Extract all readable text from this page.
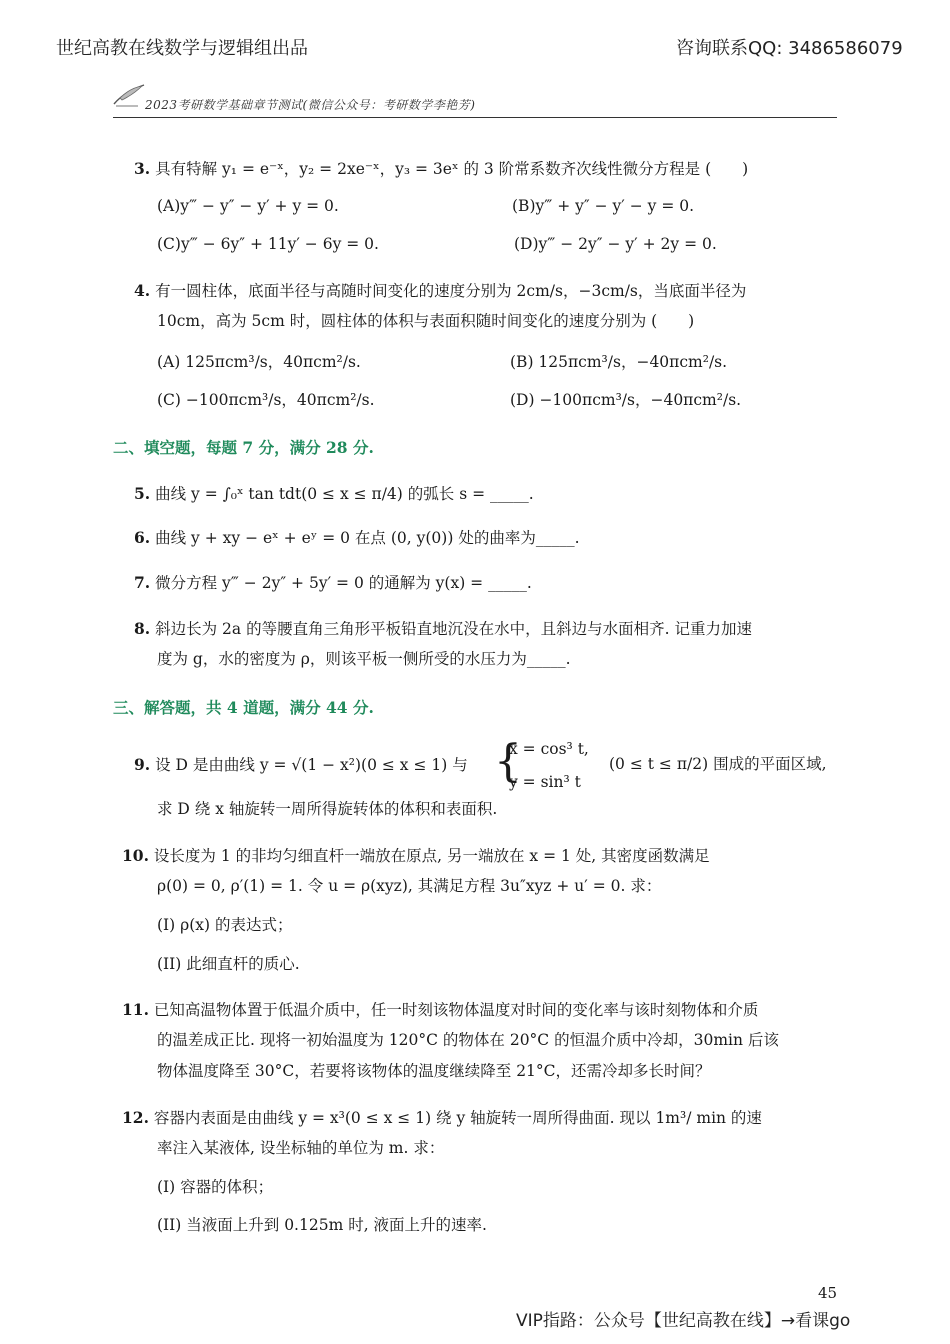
世纪高教在线数学与逻辑组出品	咨询联系QQ: 3486586079
2023考研数学基础章节测试(微信公众号：考研数学李艳芳)
3. 具有特解 y₁ = e⁻ˣ，y₂ = 2xe⁻ˣ，y₃ = 3eˣ 的 3 阶常系数齐次线性微分方程是 (　　)
(A)y‴ − y″ − y′ + y = 0.	(B)y‴ + y″ − y′ − y = 0.
(C)y‴ − 6y″ + 11y′ − 6y = 0.	(D)y‴ − 2y″ − y′ + 2y = 0.
4. 有一圆柱体，底面半径与高随时间变化的速度分别为 2cm/s，−3cm/s，当底面半径为
10cm，高为 5cm 时，圆柱体的体积与表面积随时间变化的速度分别为 (　　)
(A) 125πcm³/s，40πcm²/s.	(B) 125πcm³/s，−40πcm²/s.
(C) −100πcm³/s，40πcm²/s.	(D) −100πcm³/s，−40πcm²/s.
二、填空题，每题 7 分，满分 28 分.
5. 曲线 y = ∫₀ˣ tan tdt(0 ≤ x ≤ π/4) 的弧长 s = _____.
6. 曲线 y + xy − eˣ + eʸ = 0 在点 (0, y(0)) 处的曲率为_____.
7. 微分方程 y‴ − 2y″ + 5y′ = 0 的通解为 y(x) = _____.
8. 斜边长为 2a 的等腰直角三角形平板铅直地沉没在水中，且斜边与水面相齐. 记重力加速
度为 g，水的密度为 ρ，则该平板一侧所受的水压力为_____.
三、解答题，共 4 道题，满分 44 分.
9. 设 D 是由曲线 y = √(1 − x²)(0 ≤ x ≤ 1) 与 {
x = cos³ t,
y = sin³ t
(0 ≤ t ≤ π/2) 围成的平面区域,
求 D 绕 x 轴旋转一周所得旋转体的体积和表面积.
10. 设长度为 1 的非均匀细直杆一端放在原点, 另一端放在 x = 1 处, 其密度函数满足
ρ(0) = 0, ρ′(1) = 1. 令 u = ρ(xyz), 其满足方程 3u″xyz + u′ = 0. 求：
(I) ρ(x) 的表达式；
(II) 此细直杆的质心.
11. 已知高温物体置于低温介质中，任一时刻该物体温度对时间的变化率与该时刻物体和介质
的温差成正比. 现将一初始温度为 120°C 的物体在 20°C 的恒温介质中冷却，30min 后该
物体温度降至 30°C，若要将该物体的温度继续降至 21°C，还需冷却多长时间？
12. 容器内表面是由曲线 y = x³(0 ≤ x ≤ 1) 绕 y 轴旋转一周所得曲面. 现以 1m³/ min 的速
率注入某液体, 设坐标轴的单位为 m. 求：
(I) 容器的体积；
(II) 当液面上升到 0.125m 时, 液面上升的速率.
45
VIP指路：公众号【世纪高教在线】→看课go
